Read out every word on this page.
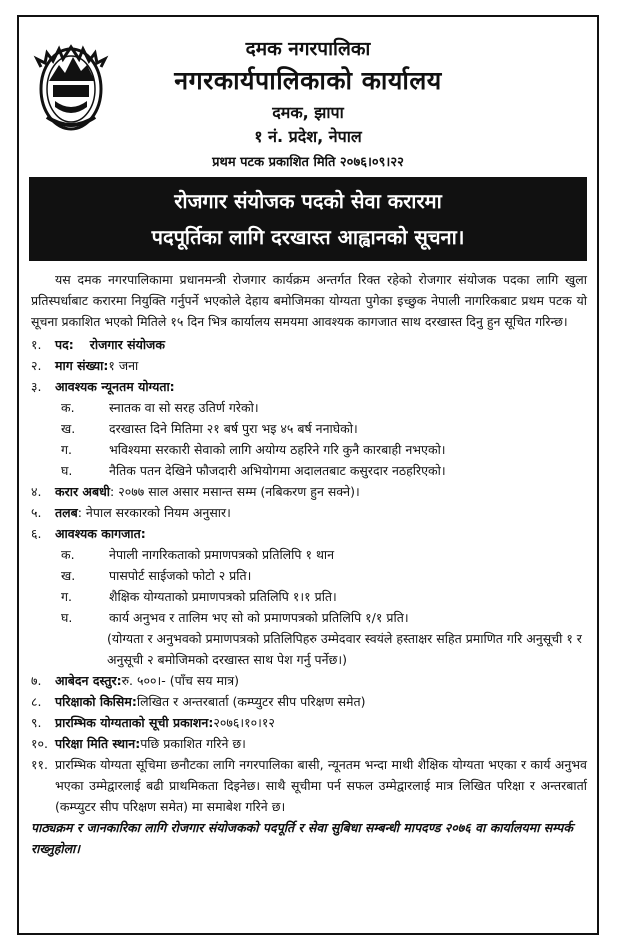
दमक नगरपालिका
नगरकार्यपालिकाको कार्यालय
दमक, झापा
१ नं. प्रदेश, नेपाल
प्रथम पटक प्रकाशित मिति २०७६।०९।२२
रोजगार संयोजक पदको सेवा करारमा
पदपूर्तिका लागि दरखास्त आह्वानको सूचना।

यस दमक नगरपालिकामा प्रधानमन्त्री रोजगार कार्यक्रम अन्तर्गत रिक्त रहेको रोजगार संयोजक पदका लागि खुला प्रतिस्पर्धाबाट करारमा नियुक्ति गर्नुपर्ने भएकोले देहाय बमोजिमका योग्यता पुगेका इच्छुक नेपाली नागरिकबाट प्रथम पटक यो सूचना प्रकाशित भएको मितिले १५ दिन भित्र कार्यालय समयमा आवश्यक कागजात साथ दरखास्त दिनु हुन सूचित गरिन्छ।

१.	पद: रोजगार संयोजक
२.	माग संख्या: १ जना
३.	आवश्यक न्यूनतम योग्यता:
क.	स्नातक वा सो सरह उतिर्ण गरेको।
ख.	दरखास्त दिने मितिमा २१ बर्ष पुरा भइ ४५ बर्ष ननाघेको।
ग.	भविश्यमा सरकारी सेवाको लागि अयोग्य ठहरिने गरि कुनै कारबाही नभएको।
घ.	नैतिक पतन देखिने फौजदारी अभियोगमा अदालतबाट कसुरदार नठहरिएको।
४.	करार अबधी : २०७७ साल असार मसान्त सम्म (नबिकरण हुन सक्ने)।
५.	तलब : नेपाल सरकारको नियम अनुसार।
६.	आवश्यक कागजात:
क.	नेपाली नागरिकताको प्रमाणपत्रको प्रतिलिपि १ थान
ख.	पासपोर्ट साईजको फोटो २ प्रति।
ग.	शैक्षिक योग्यताको प्रमाणपत्रको प्रतिलिपि १।१ प्रति।
घ.	कार्य अनुभव र तालिम भए सो को प्रमाणपत्रको प्रतिलिपि १/१ प्रति।
(योग्यता र अनुभवको प्रमाणपत्रको प्रतिलिपिहरु उम्मेदवार स्वयंले हस्ताक्षर सहित प्रमाणित गरि अनुसूची १ र अनुसूची २ बमोजिमको दरखास्त साथ पेश गर्नु पर्नेछ।)
७.	आबेदन दस्तुर: रु. ५००।- (पाँच सय मात्र)
८.	परिक्षाको किसिम: लिखित र अन्तरबार्ता (कम्प्युटर सीप परिक्षण समेत)
९.	प्रारम्भिक योग्यताको सूची प्रकाशन: २०७६।१०।१२
१०. परिक्षा मिति स्थान: पछि प्रकाशित गरिने छ।
११. प्रारम्भिक योग्यता सूचिमा छनौटका लागि नगरपालिका बासी, न्यूनतम भन्दा माथी शैक्षिक योग्यता भएका र कार्य अनुभव भएका उम्मेद्वारलाई बढी प्राथमिकता दिइनेछ। साथै सूचीमा पर्न सफल उम्मेद्वारलाई मात्र लिखित परिक्षा र अन्तरबार्ता (कम्प्युटर सीप परिक्षण समेत) मा समाबेश गरिने छ।
पाठ्यक्रम र जानकारिका लागि रोजगार संयोजकको पदपूर्ति र सेवा सुबिधा सम्बन्धी मापदण्ड २०७६ वा कार्यालयमा सम्पर्क राख्नुहोला।
